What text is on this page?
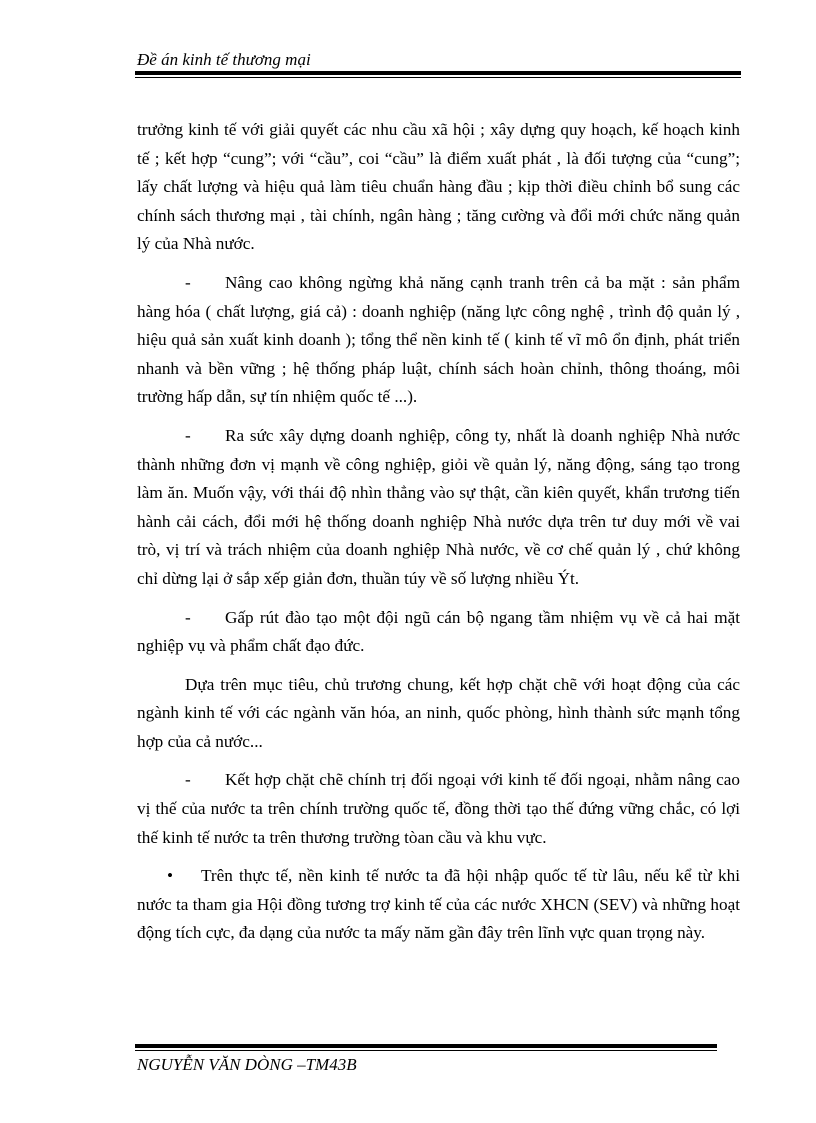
Đề án kinh tế thương mại

trưởng kinh tế với giải quyết các nhu cầu xã hội ; xây dựng quy hoạch, kế hoạch kinh tế ; kết hợp “cung”; với “cầu”, coi “cầu” là điểm xuất phát , là đối tượng của “cung”; lấy chất lượng và hiệu quả làm tiêu chuẩn hàng đầu ; kịp thời điều chỉnh bổ sung các chính sách thương mại , tài chính, ngân hàng ; tăng cường và đổi mới chức năng quản lý của Nhà nước.

- Nâng cao không ngừng khả năng cạnh tranh trên cả ba mặt : sản phẩm hàng hóa ( chất lượng, giá cả) : doanh nghiệp (năng lực công nghệ , trình độ quản lý , hiệu quả sản xuất kinh doanh ); tổng thể nền kinh tế ( kinh tế vĩ mô ổn định, phát triển nhanh và bền vững ; hệ thống pháp luật, chính sách hoàn chỉnh, thông thoáng, môi trường hấp dẫn, sự tín nhiệm quốc tế ...).

- Ra sức xây dựng doanh nghiệp, công ty, nhất là doanh nghiệp Nhà nước thành những đơn vị mạnh về công nghiệp, giỏi về quản lý, năng động, sáng tạo trong làm ăn. Muốn vậy, với thái độ nhìn thẳng vào sự thật, cần kiên quyết, khẩn trương tiến hành cải cách, đổi mới hệ thống doanh nghiệp Nhà nước dựa trên tư duy mới về vai trò, vị trí và trách nhiệm của doanh nghiệp Nhà nước, về cơ chế quản lý , chứ không chỉ dừng lại ở sắp xếp giản đơn, thuần túy về số lượng nhiều Ýt.

- Gấp rút đào tạo một đội ngũ cán bộ ngang tầm nhiệm vụ về cả hai mặt nghiệp vụ và phẩm chất đạo đức.

Dựa trên mục tiêu, chủ trương chung, kết hợp chặt chẽ với hoạt động của các ngành kinh tế với các ngành văn hóa, an ninh, quốc phòng, hình thành sức mạnh tổng hợp của cả nước...

- Kết hợp chặt chẽ chính trị đối ngoại với kinh tế đối ngoại, nhằm nâng cao vị thế của nước ta trên chính trường quốc tế, đồng thời tạo thế đứng vững chắc, có lợi thế kinh tế nước ta trên thương trường tòan cầu và khu vực.

• Trên thực tế, nền kinh tế nước ta đã hội nhập quốc tế từ lâu, nếu kể từ khi nước ta tham gia Hội đồng tương trợ kinh tế của các nước XHCN (SEV) và những hoạt động tích cực, đa dạng của nước ta mấy năm gần đây trên lĩnh vực quan trọng này.

NGUYỄN VĂN DÒNG –TM43B
